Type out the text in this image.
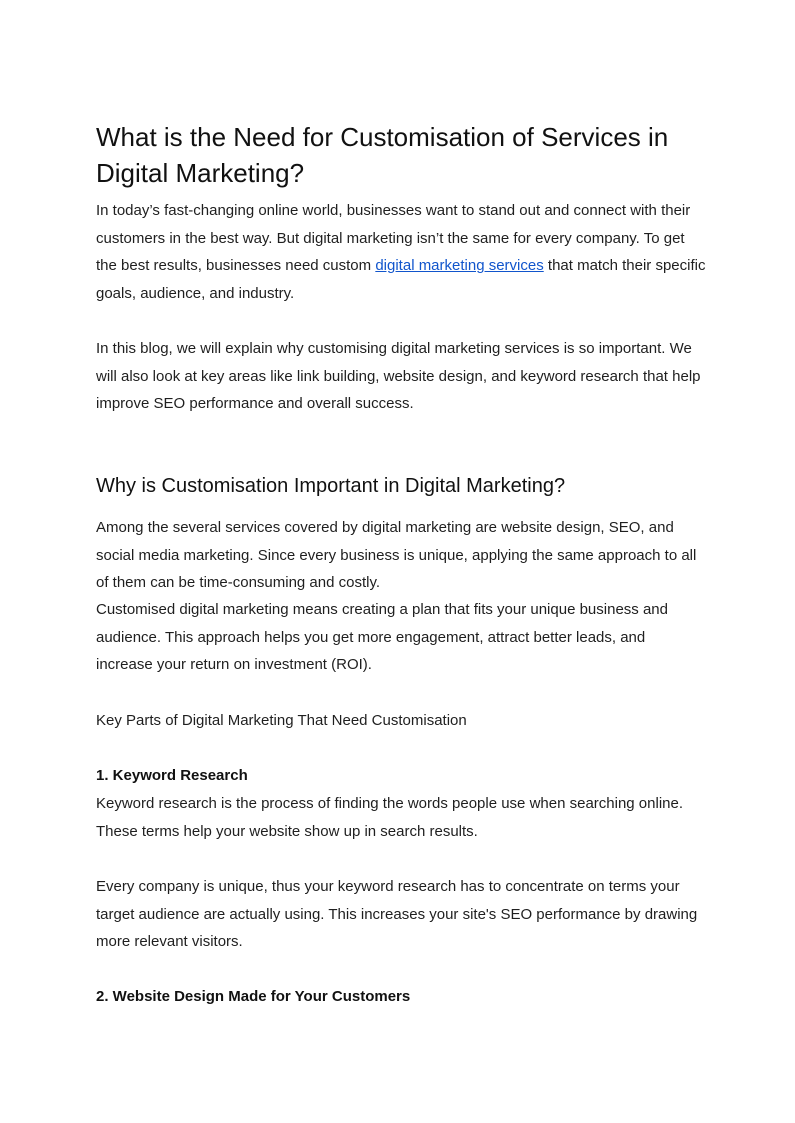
What is the Need for Customisation of Services in Digital Marketing?

In today’s fast-changing online world, businesses want to stand out and connect with their customers in the best way. But digital marketing isn’t the same for every company. To get the best results, businesses need custom digital marketing services that match their specific goals, audience, and industry.

In this blog, we will explain why customising digital marketing services is so important. We will also look at key areas like link building, website design, and keyword research that help improve SEO performance and overall success.

Why is Customisation Important in Digital Marketing?

Among the several services covered by digital marketing are website design, SEO, and social media marketing. Since every business is unique, applying the same approach to all of them can be time-consuming and costly.

Customised digital marketing means creating a plan that fits your unique business and audience. This approach helps you get more engagement, attract better leads, and increase your return on investment (ROI).

Key Parts of Digital Marketing That Need Customisation

1. Keyword Research

Keyword research is the process of finding the words people use when searching online. These terms help your website show up in search results.

Every company is unique, thus your keyword research has to concentrate on terms your target audience are actually using. This increases your site's SEO performance by drawing more relevant visitors.

2. Website Design Made for Your Customers
